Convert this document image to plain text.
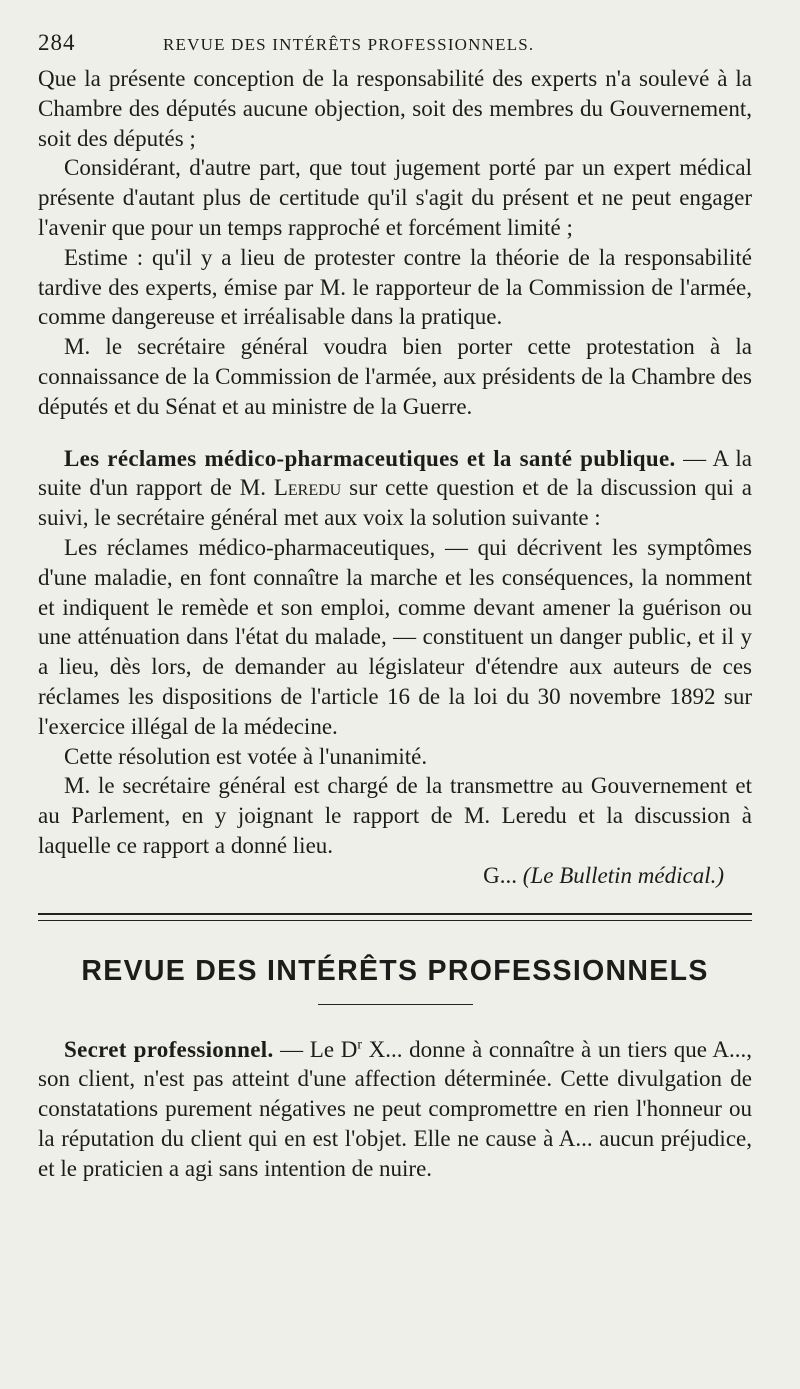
284	REVUE DES INTÉRÊTS PROFESSIONNELS.

Que la présente conception de la responsabilité des experts n'a soulevé à la Chambre des députés aucune objection, soit des membres du Gouvernement, soit des députés ;

Considérant, d'autre part, que tout jugement porté par un expert médical présente d'autant plus de certitude qu'il s'agit du présent et ne peut engager l'avenir que pour un temps rapproché et forcément limité ;

Estime : qu'il y a lieu de protester contre la théorie de la responsabilité tardive des experts, émise par M. le rapporteur de la Commission de l'armée, comme dangereuse et irréalisable dans la pratique.

M. le secrétaire général voudra bien porter cette protestation à la connaissance de la Commission de l'armée, aux présidents de la Chambre des députés et du Sénat et au ministre de la Guerre.

Les réclames médico-pharmaceutiques et la santé publique. — A la suite d'un rapport de M. Leredu sur cette question et de la discussion qui a suivi, le secrétaire général met aux voix la solution suivante :

Les réclames médico-pharmaceutiques, — qui décrivent les symptômes d'une maladie, en font connaître la marche et les conséquences, la nomment et indiquent le remède et son emploi, comme devant amener la guérison ou une atténuation dans l'état du malade, — constituent un danger public, et il y a lieu, dès lors, de demander au législateur d'étendre aux auteurs de ces réclames les dispositions de l'article 16 de la loi du 30 novembre 1892 sur l'exercice illégal de la médecine.

Cette résolution est votée à l'unanimité.

M. le secrétaire général est chargé de la transmettre au Gouvernement et au Parlement, en y joignant le rapport de M. Leredu et la discussion à laquelle ce rapport a donné lieu.

G... (Le Bulletin médical.)

REVUE DES INTÉRÊTS PROFESSIONNELS

Secret professionnel. — Le $D^r$ X... donne à connaître à un tiers que A..., son client, n'est pas atteint d'une affection déterminée. Cette divulgation de constatations purement négatives ne peut compromettre en rien l'honneur ou la réputation du client qui en est l'objet. Elle ne cause à A... aucun préjudice, et le praticien a agi sans intention de nuire.
